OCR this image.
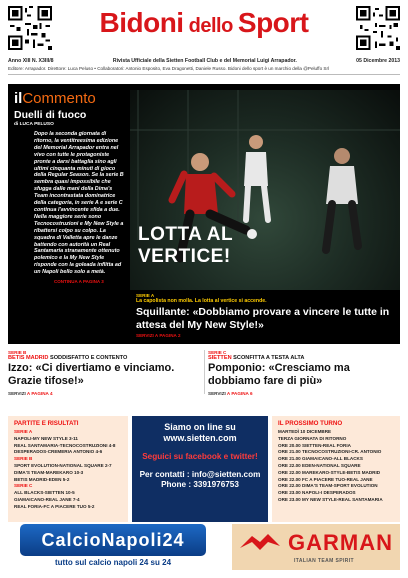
Bidoni dello Sport
Anno XIII N. X3III/8	Rivista Ufficiale della Sietten Football Club e del Memorial Luigi Arrapador.	05 Dicembre 2013
Editore: Arrapador. Direttore: Luca Peluso • Collaboratori: Antonio Esposito, Eva Dragonetti, Daniele Russo. Bidoni dello sport è un marchio della @Peluffo Srl
LOTTA AL VERTICE!
ilCommento
Duelli di fuoco
di LUCA PELUSO
Dopo la seconda giornata di ritorno, la ventitreesima edizione del Memorial Arrapador entra nel vivo con tutte le protagoniste pronte a darsi battaglia sino agli ultimi cinquanta minuti di gioco della Regular Season. Se la serie B sembra quasi impossibile che sfugga dalle mani della Dima's Team incontrastata dominatrice della categoria, in serie A e serie C continua l'avvincente sfida a due. Nella maggiore serie sono Tecnocostruzioni e My New Style a ribattersi colpo su colpo. La squadra di Valletta apre le danze battendo con autorità un Real Santamaria stranamente ottenuto polemico e la My New Style risponde con la goleada inflitta ad un Napoli bello solo a metà.
CONTINUA A PAGINA 3
SERIE A
La capolista non molla. La lotta al vertice si accende.
Squillante: «Dobbiamo provare a vincere le tutte in attesa del My New Style!»
SERVIZI A PAGINA 2
SERIE B
BETIS MADRID SODDISFATTO E CONTENTO
Izzo: «Ci divertiamo e vinciamo. Grazie tifose!»
SERVIZI A PAGINA 4
SERIE C
SIETTEN SCONFITTA A TESTA ALTA
Pomponio: «Cresciamo ma dobbiamo fare di più»
SERVIZI A PAGINA 6
PARTITE E RISULTATI
SERIE A
NAPOLI-MY NEW STYLE 3-11
REAL SANTAMARIA-TECNOCOSTRUZIONI 4-8
DESPERADOS-CREMERIA ANTONIO 4-6
SERIE B
SPORT EVOLUTION-NATIONAL SQUARE 2-7
DIMA'S TEAM-MAREKARO 10-3
BETIS MADRID-EDEN 5-2
SERIE C
ALL BLACKS-SIETTEN 10-5
GIAMAICANO-REAL JANE 7-4
REAL FORIA-FC A PIACERE TUO 5-2
Siamo on line su www.sietten.com
Seguici su facebook e twitter!
Per contatti : info@sietten.com Phone : 3391976753
IL PROSSIMO TURNO
MARTEDÌ 10 DICEMBRE
TERZA GIORNATA DI RITORNO
ORE 20.00 SIETTEN-REAL FORIA
ORE 21.00 TECNOCOSTRUZIONI-CR. ANTONIO
ORE 21.00 GIAMAICANO-ALL BLACKS
ORE 22.00 EDEN-NATIONAL SQUARE
ORE 22.00 MAREKARO-STYLE-BETIS MADRID
ORE 22.00 FC A PIACERE TUO-REAL JANE
ORE 22.00 DIMA'S TEAM-SPORT EVOLUTION
ORE 23.00 NAPOLI-I DESPERADOS
ORE 23.00 MY NEW STYLE-REAL SANTAMARIA
CalcioNapoli24
tutto sul calcio napoli 24 su 24
GARMAN
ITALIAN TEAM SPIRIT
